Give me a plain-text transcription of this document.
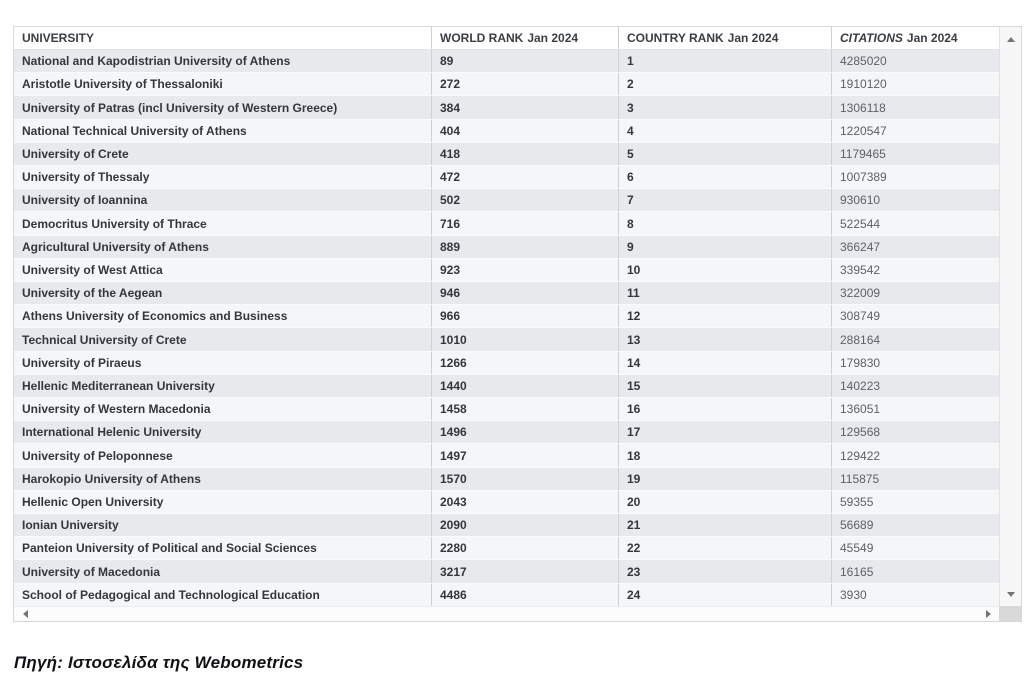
UNIVERSITY	WORLD RANK Jan 2024	COUNTRY RANK Jan 2024	CITATIONS Jan 2024
National and Kapodistrian University of Athens	89	1	4285020
Aristotle University of Thessaloniki	272	2	1910120
University of Patras (incl University of Western Greece)	384	3	1306118
National Technical University of Athens	404	4	1220547
University of Crete	418	5	1179465
University of Thessaly	472	6	1007389
University of Ioannina	502	7	930610
Democritus University of Thrace	716	8	522544
Agricultural University of Athens	889	9	366247
University of West Attica	923	10	339542
University of the Aegean	946	11	322009
Athens University of Economics and Business	966	12	308749
Technical University of Crete	1010	13	288164
University of Piraeus	1266	14	179830
Hellenic Mediterranean University	1440	15	140223
University of Western Macedonia	1458	16	136051
International Helenic University	1496	17	129568
University of Peloponnese	1497	18	129422
Harokopio University of Athens	1570	19	115875
Hellenic Open University	2043	20	59355
Ionian University	2090	21	56689
Panteion University of Political and Social Sciences	2280	22	45549
University of Macedonia	3217	23	16165
School of Pedagogical and Technological Education	4486	24	3930
Πηγή: Ιστοσελίδα της Webometrics
